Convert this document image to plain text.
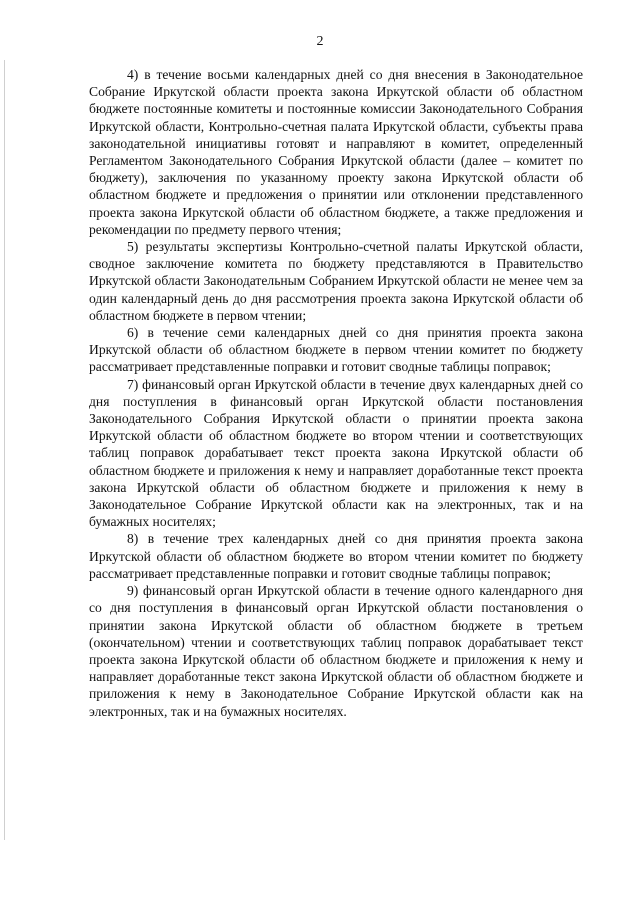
2

4) в течение восьми календарных дней со дня внесения в Законодательное Собрание Иркутской области проекта закона Иркутской области об областном бюджете постоянные комитеты и постоянные комиссии Законодательного Собрания Иркутской области, Контрольно-счетная палата Иркутской области, субъекты права законодательной инициативы готовят и направляют в комитет, определенный Регламентом Законодательного Собрания Иркутской области (далее – комитет по бюджету), заключения по указанному проекту закона Иркутской области об областном бюджете и предложения о принятии или отклонении представленного проекта закона Иркутской области об областном бюджете, а также предложения и рекомендации по предмету первого чтения;

5) результаты экспертизы Контрольно-счетной палаты Иркутской области, сводное заключение комитета по бюджету представляются в Правительство Иркутской области Законодательным Собранием Иркутской области не менее чем за один календарный день до дня рассмотрения проекта закона Иркутской области об областном бюджете в первом чтении;

6) в течение семи календарных дней со дня принятия проекта закона Иркутской области об областном бюджете в первом чтении комитет по бюджету рассматривает представленные поправки и готовит сводные таблицы поправок;

7) финансовый орган Иркутской области в течение двух календарных дней со дня поступления в финансовый орган Иркутской области постановления Законодательного Собрания Иркутской области о принятии проекта закона Иркутской области об областном бюджете во втором чтении и соответствующих таблиц поправок дорабатывает текст проекта закона Иркутской области об областном бюджете и приложения к нему и направляет доработанные текст проекта закона Иркутской области об областном бюджете и приложения к нему в Законодательное Собрание Иркутской области как на электронных, так и на бумажных носителях;

8) в течение трех календарных дней со дня принятия проекта закона Иркутской области об областном бюджете во втором чтении комитет по бюджету рассматривает представленные поправки и готовит сводные таблицы поправок;

9) финансовый орган Иркутской области в течение одного календарного дня со дня поступления в финансовый орган Иркутской области постановления о принятии закона Иркутской области об областном бюджете в третьем (окончательном) чтении и соответствующих таблиц поправок дорабатывает текст проекта закона Иркутской области об областном бюджете и приложения к нему и направляет доработанные текст закона Иркутской области об областном бюджете и приложения к нему в Законодательное Собрание Иркутской области как на электронных, так и на бумажных носителях.
